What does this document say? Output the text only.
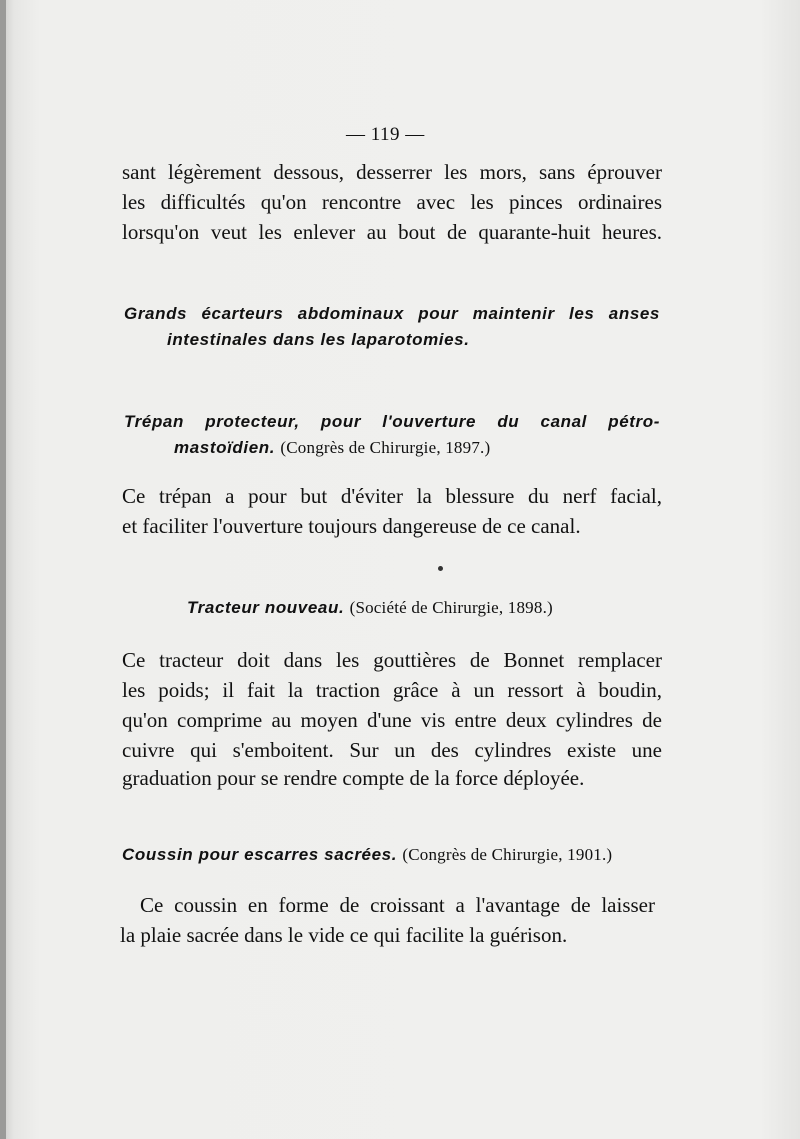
— 119 —
sant légèrement dessous, desserrer les mors, sans éprouver
les difficultés qu'on rencontre avec les pinces ordinaires
lorsqu'on veut les enlever au bout de quarante-huit heures.
Grands écarteurs abdominaux pour maintenir les anses
intestinales dans les laparotomies.
Trépan protecteur, pour l'ouverture du canal pétro-
mastoïdien. (Congrès de Chirurgie, 1897.)
Ce trépan a pour but d'éviter la blessure du nerf facial,
et faciliter l'ouverture toujours dangereuse de ce canal.
Tracteur nouveau. (Société de Chirurgie, 1898.)
Ce tracteur doit dans les gouttières de Bonnet remplacer
les poids; il fait la traction grâce à un ressort à boudin,
qu'on comprime au moyen d'une vis entre deux cylindres de
cuivre qui s'emboitent. Sur un des cylindres existe une
graduation pour se rendre compte de la force déployée.
Coussin pour escarres sacrées. (Congrès de Chirurgie, 1901.)
Ce coussin en forme de croissant a l'avantage de laisser
la plaie sacrée dans le vide ce qui facilite la guérison.
